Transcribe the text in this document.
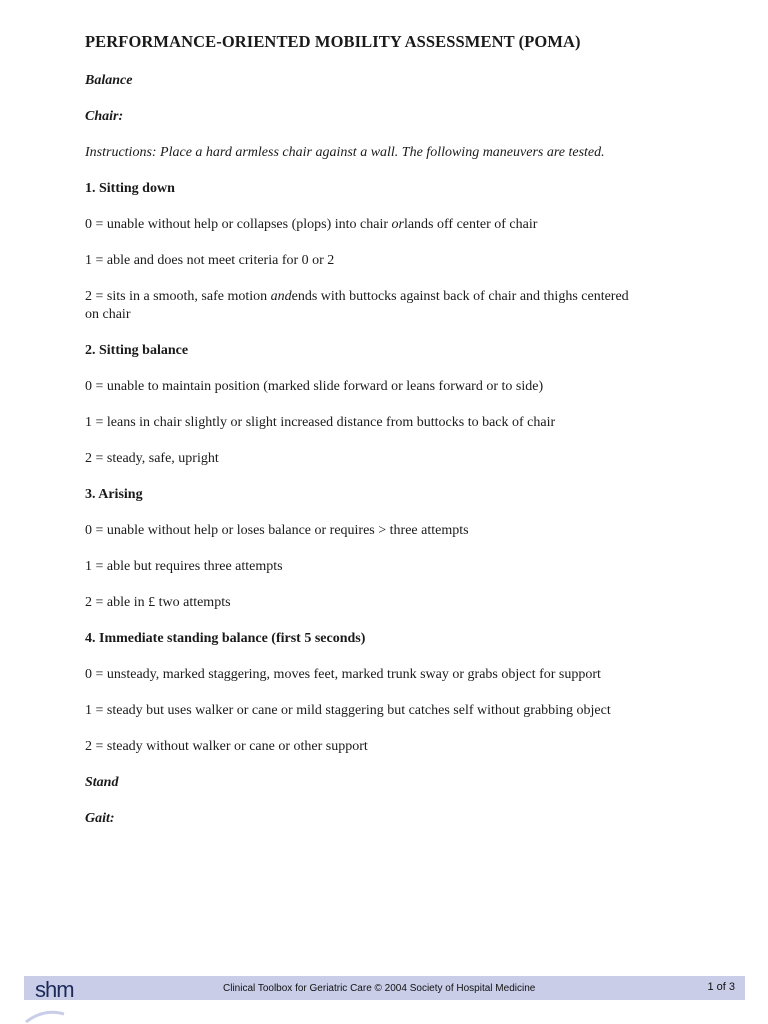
PERFORMANCE-ORIENTED MOBILITY ASSESSMENT (POMA)
Balance
Chair:
Instructions: Place a hard armless chair against a wall. The following maneuvers are tested.
1. Sitting down
0 = unable without help or collapses (plops) into chair orlands off center of chair
1 = able and does not meet criteria for 0 or 2
2 = sits in a smooth, safe motion andends with buttocks against back of chair and thighs centered on chair
2. Sitting balance
0 = unable to maintain position (marked slide forward or leans forward or to side)
1 = leans in chair slightly or slight increased distance from buttocks to back of chair
2 = steady, safe, upright
3. Arising
0 = unable without help or loses balance or requires > three attempts
1 = able but requires three attempts
2 = able in £ two attempts
4. Immediate standing balance (first 5 seconds)
0 = unsteady, marked staggering, moves feet, marked trunk sway or grabs object for support
1 = steady but uses walker or cane or mild staggering but catches self without grabbing object
2 = steady without walker or cane or other support
Stand
Gait:
shm	Clinical Toolbox for Geriatric Care © 2004 Society of Hospital Medicine	1 of 3
